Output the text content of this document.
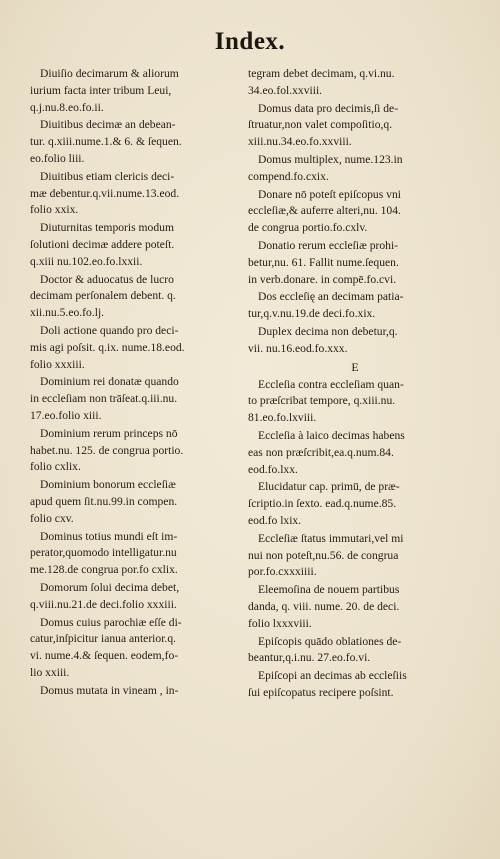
Index.
Diuiſio decimarum & aliorum
iurium facta inter tribum Leui,
q.j.nu.8.eo.fo.ii.
Diuitibus decimæ an debean-
tur. q.xiii.nume.1.& 6. & ſequen.
eo.folio liii.
Diuitibus etiam clericis deci-
mæ debentur.q.vii.nume.13.eod.
folio xxix.
Diuturnitas temporis modum
ſolutioni decimæ addere poteſt.
q.xiii nu.102.eo.fo.lxxii.
Doctor & aduocatus de lucro
decimam perſonalem debent. q.
xii.nu.5.eo.fo.lj.
Doli actione quando pro deci-
mis agi poſsit. q.ix. nume.18.eod.
folio xxxiii.
Dominium rei donatæ quando
in eccleſiam non trāſeat.q.iii.nu.
17.eo.folio xiii.
Dominium rerum princeps nō
habet.nu. 125. de congrua portio.
folio cxlix.
Dominium bonorum eccleſiæ
apud quem ſit.nu.99.in compen.
folio cxv.
Dominus totius mundi eſt im-
perator,quomodo intelligatur.nu
me.128.de congrua por.fo cxlix.
Domorum ſolui decima debet,
q.viii.nu.21.de deci.folio xxxiii.
Domus cuius parochiæ eſſe di-
catur,inſpicitur ianua anterior.q.
vi. nume.4.& ſequen. eodem,fo-
lio xxiii.
Domus mutata in vineam , in-
tegram debet decimam, q.vi.nu.
34.eo.fol.xxviii.
Domus data pro decimis,ſi de-
ſtruatur,non valet compoſitio,q.
xiii.nu.34.eo.fo.xxviii.
Domus multiplex, nume.123.in
compend.fo.cxix.
Donare nō poteſt epiſcopus vni
eccleſiæ,& auferre alteri,nu. 104.
de congrua portio.fo.cxlv.
Donatio rerum eccleſiæ prohi-
betur,nu. 61. Fallit nume.ſequen.
in verb.donare. in compē.fo.cvi.
Dos eccleſię an decimam patia-
tur,q.v.nu.19.de deci.fo.xix.
Duplex decima non debetur,q.
vii. nu.16.eod.fo.xxx.
E
Eccleſia contra eccleſiam quan-
to præſcribat tempore, q.xiii.nu.
81.eo.fo.lxviii.
Eccleſia à laico decimas habens
eas non præſcribit,ea.q.num.84.
eod.fo.lxx.
Elucidatur cap. primū, de præ-
ſcriptio.in ſexto. ead.q.nume.85.
eod.fo lxix.
Eccleſiæ ſtatus immutari,vel mi
nui non poteſt,nu.56. de congrua
por.fo.cxxxiiii.
Eleemoſina de nouem partibus
danda, q. viii. nume. 20. de deci.
folio lxxxviii.
Epiſcopis quādo oblationes de-
beantur,q.i.nu. 27.eo.fo.vi.
Epiſcopi an decimas ab eccleſiis
ſui epiſcopatus recipere poſsint.
